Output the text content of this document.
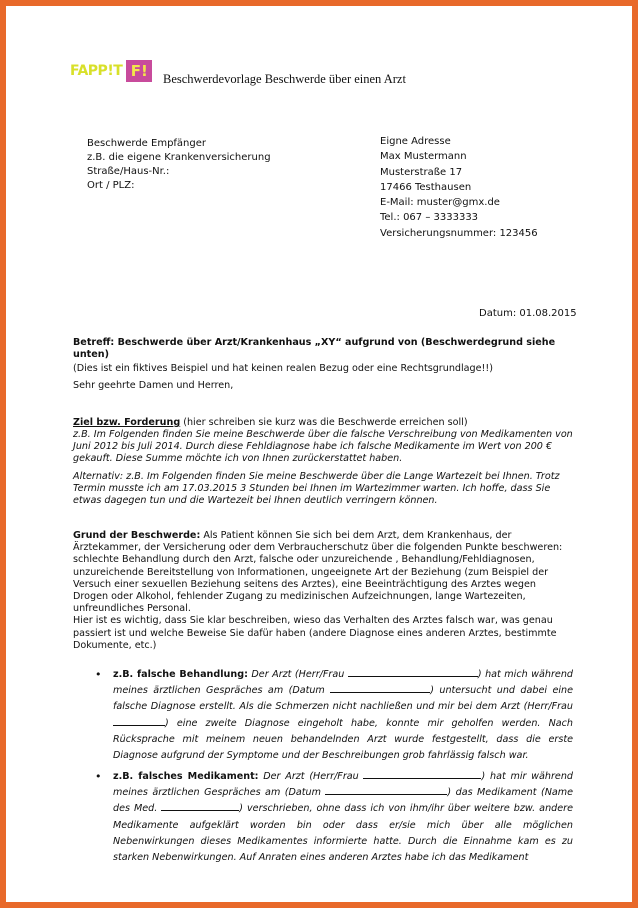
FAPP!T F!	Beschwerdevorlage Beschwerde über einen Arzt
Beschwerde Empfänger
z.B. die eigene Krankenversicherung
Straße/Haus-Nr.:
Ort / PLZ:
Eigne Adresse
Max Mustermann
Musterstraße 17
17466 Testhausen
E-Mail: muster@gmx.de
Tel.: 067 – 3333333
Versicherungsnummer: 123456
Datum: 01.08.2015
Betreff: Beschwerde über Arzt/Krankenhaus „XY“ aufgrund von (Beschwerdegrund siehe unten)
(Dies ist ein fiktives Beispiel und hat keinen realen Bezug oder eine Rechtsgrundlage!!)
Sehr geehrte Damen und Herren,
Ziel bzw. Forderung (hier schreiben sie kurz was die Beschwerde erreichen soll)
z.B. Im Folgenden finden Sie meine Beschwerde über die falsche Verschreibung von Medikamenten von Juni 2012 bis Juli 2014. Durch diese Fehldiagnose habe ich falsche Medikamente im Wert von 200 € gekauft. Diese Summe möchte ich von Ihnen zurückerstattet haben.
Alternativ: z.B. Im Folgenden finden Sie meine Beschwerde über die Lange Wartezeit bei Ihnen. Trotz Termin musste ich am 17.03.2015 3 Stunden bei Ihnen im Wartezimmer warten. Ich hoffe, dass Sie etwas dagegen tun und die Wartezeit bei Ihnen deutlich verringern können.
Grund der Beschwerde: Als Patient können Sie sich bei dem Arzt, dem Krankenhaus, der Ärztekammer, der Versicherung oder dem Verbraucherschutz über die folgenden Punkte beschweren: schlechte Behandlung durch den Arzt, falsche oder unzureichende , Behandlung/Fehldiagnosen, unzureichende Bereitstellung von Informationen, ungeeignete Art der Beziehung (zum Beispiel der Versuch einer sexuellen Beziehung seitens des Arztes), eine Beeinträchtigung des Arztes wegen Drogen oder Alkohol, fehlender Zugang zu medizinischen Aufzeichnungen, lange Wartezeiten, unfreundliches Personal.
Hier ist es wichtig, dass Sie klar beschreiben, wieso das Verhalten des Arztes falsch war, was genau passiert ist und welche Beweise Sie dafür haben (andere Diagnose eines anderen Arztes, bestimmte Dokumente, etc.)
• z.B. falsche Behandlung: Der Arzt (Herr/Frau	) hat mich während meines ärztlichen Gespräches am (Datum	) untersucht und dabei eine falsche Diagnose erstellt. Als die Schmerzen nicht nachließen und mir bei dem Arzt (Herr/Frau ) eine zweite Diagnose eingeholt habe, konnte mir geholfen werden. Nach Rücksprache mit meinem neuen behandelnden Arzt wurde festgestellt, dass die erste Diagnose aufgrund der Symptome und der Beschreibungen grob fahrlässig falsch war.
• z.B. falsches Medikament: Der Arzt (Herr/Frau	) hat mir während meines ärztlichen Gespräches am (Datum	) das Medikament (Name des Med.	) verschrieben, ohne dass ich von ihm/ihr über weitere bzw. andere Medikamente aufgeklärt worden bin oder dass er/sie mich über alle möglichen Nebenwirkungen dieses Medikamentes informierte hatte. Durch die Einnahme kam es zu starken Nebenwirkungen. Auf Anraten eines anderen Arztes habe ich das Medikament
